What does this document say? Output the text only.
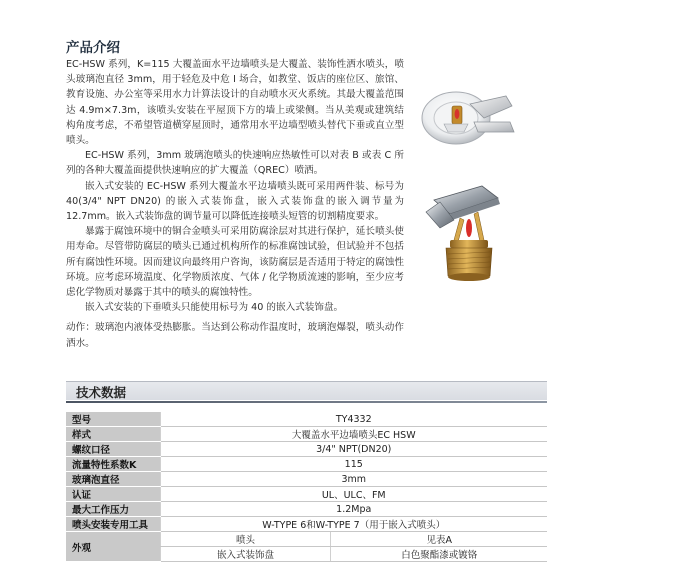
产品介绍

EC-HSW 系列，K=115 大覆盖面水平边墙喷头是大覆盖、装饰性洒水喷头，喷头玻璃泡直径 3mm，用于轻危及中危 I 场合，如教堂、饭店的座位区、旅馆、教育设施、办公室等采用水力计算法设计的自动喷水灭火系统。其最大覆盖范围达 4.9m×7.3m，该喷头安装在平屋顶下方的墙上或梁侧。当从美观或建筑结构角度考虑，不希望管道横穿屋顶时，通常用水平边墙型喷头替代下垂或直立型喷头。

EC-HSW 系列，3mm 玻璃泡喷头的快速响应热敏性可以对表 B 或表 C 所列的各种大覆盖面提供快速响应的扩大覆盖（QREC）喷洒。

嵌入式安装的 EC-HSW 系列大覆盖水平边墙喷头既可采用两件装、标号为 40(3/4" NPT DN20) 的嵌入式装饰盘，嵌入式装饰盘的嵌入调节量为 12.7mm。嵌入式装饰盘的调节量可以降低连接喷头短管的切割精度要求。

暴露于腐蚀环境中的铜合金喷头可采用防腐涂层对其进行保护，延长喷头使用寿命。尽管带防腐层的喷头已通过机构所作的标准腐蚀试验，但试验并不包括所有腐蚀性环境。因而建议向最终用户咨询，该防腐层是否适用于特定的腐蚀性环境。应考虑环境温度、化学物质浓度、气体 / 化学物质流速的影响，至少应考虑化学物质对暴露于其中的喷头的腐蚀特性。

嵌入式安装的下垂喷头只能使用标号为 40 的嵌入式装饰盘。

动作：玻璃泡内液体受热膨胀。当达到公称动作温度时，玻璃泡爆裂，喷头动作洒水。

技术数据
型号	TY4332	
样式	大覆盖水平边墙喷头EC HSW	
螺纹口径	3/4" NPT(DN20)	
流量特性系数K	115	
玻璃泡直径	3mm	
认证	UL、ULC、FM	
最大工作压力	1.2Mpa	
喷头安装专用工具	W-TYPE 6和W-TYPE 7（用于嵌入式喷头）	
外观	喷头	见表A
	嵌入式装饰盘	白色聚酯漆或镀铬
